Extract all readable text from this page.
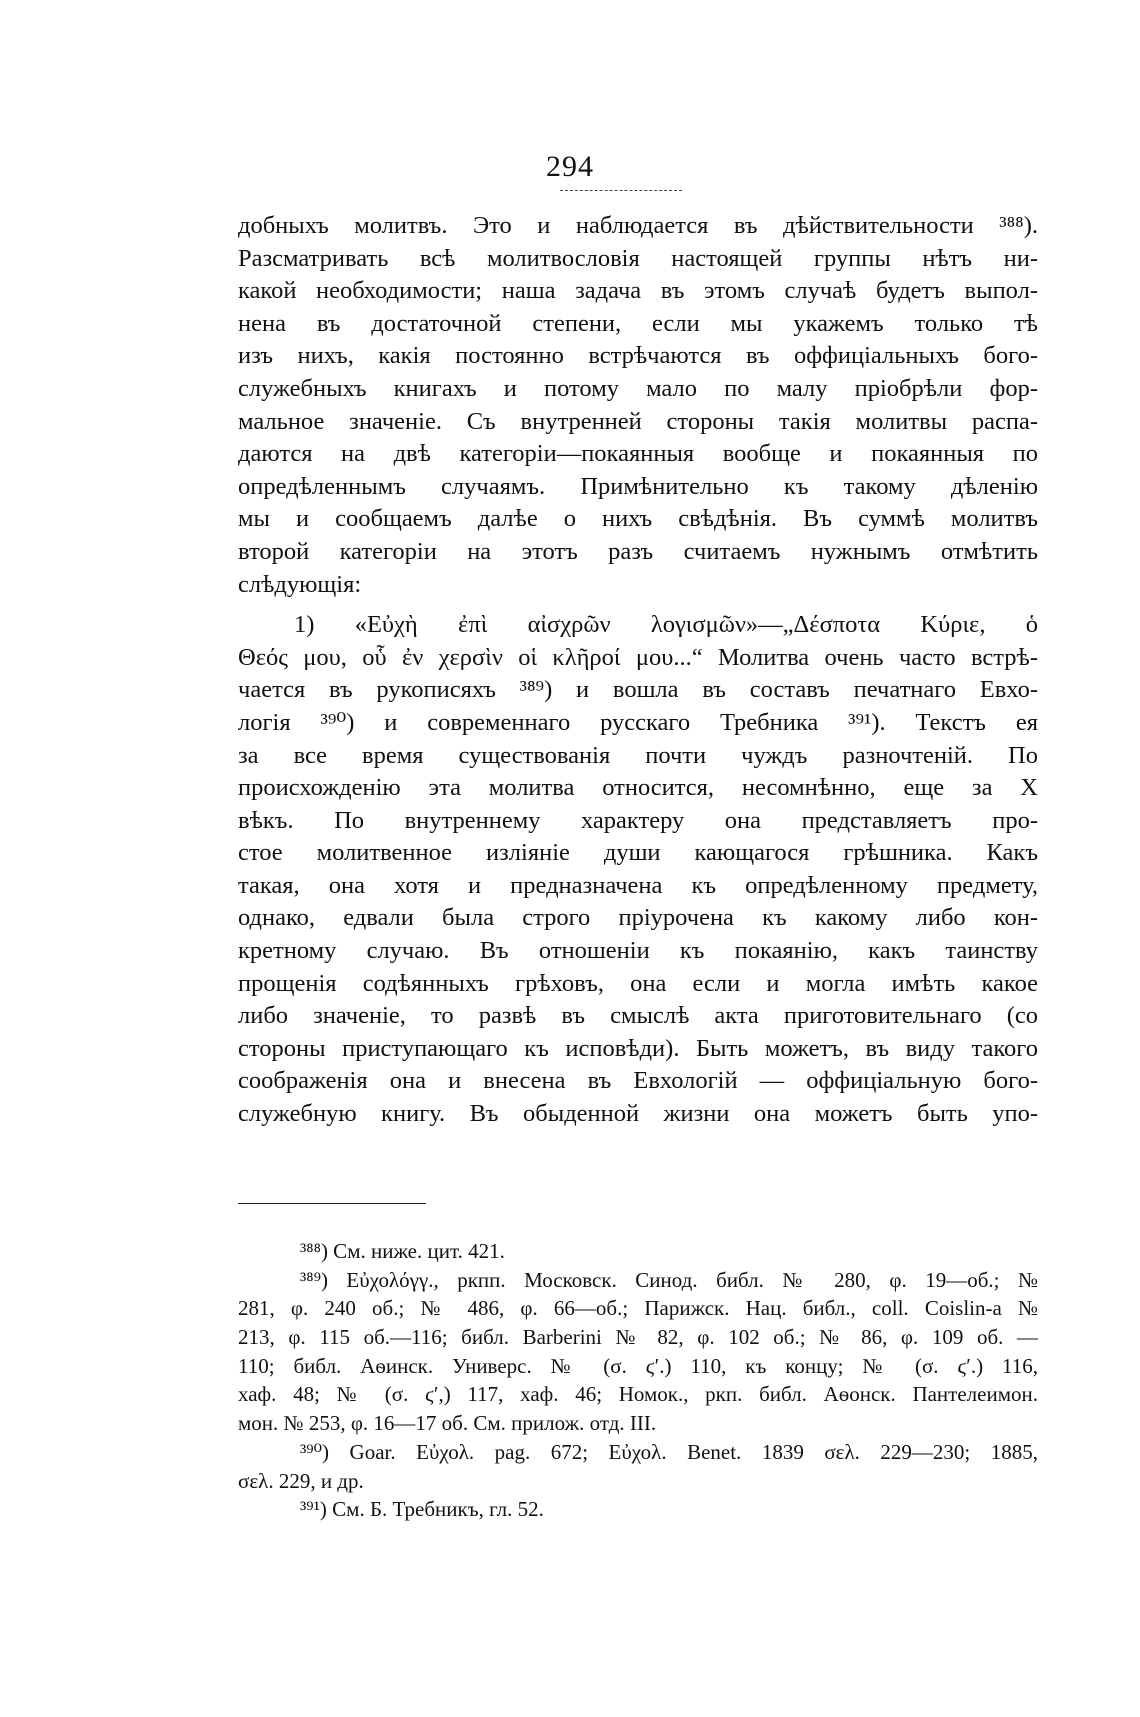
294
добныхъ молитвъ. Это и наблюдается въ дѣйствительности ³⁸⁸).
Разсматривать всѣ молитвословія настоящей группы нѣтъ ни-
какой необходимости; наша задача въ этомъ случаѣ будетъ выпол-
нена въ достаточной степени, если мы укажемъ только тѣ
изъ нихъ, какія постоянно встрѣчаются въ оффиціальныхъ бого-
служебныхъ книгахъ и потому мало по малу пріобрѣли фор-
мальное значеніе. Съ внутренней стороны такія молитвы распа-
даются на двѣ категоріи—покаянныя вообще и покаянныя по
опредѣленнымъ случаямъ. Примѣнительно къ такому дѣленію
мы и сообщаемъ далѣе о нихъ свѣдѣнія. Въ суммѣ молитвъ
второй категоріи на этотъ разъ считаемъ нужнымъ отмѣтить
слѣдующія:
1) «Εὐχὴ ἐπὶ αἰσχρῶν λογισμῶν»—„Δέσποτα Κύριε, ὁ
Θεός μου, οὗ ἐν χερσὶν οἱ κλῆροί μου...“ Молитва очень часто встрѣ-
чается въ рукописяхъ ³⁸⁹) и вошла въ составъ печатнаго Евхо-
логія ³⁹⁰) и современнаго русскаго Требника ³⁹¹). Текстъ ея
за все время существованія почти чуждъ разночтеній. По
происхожденію эта молитва относится, несомнѣнно, еще за X
вѣкъ. По внутреннему характеру она представляетъ про-
стое молитвенное изліяніе души кающагося грѣшника. Какъ
такая, она хотя и предназначена къ опредѣленному предмету,
однако, едвали была строго пріурочена къ какому либо кон-
кретному случаю. Въ отношеніи къ покаянію, какъ таинству
прощенія содѣянныхъ грѣховъ, она если и могла имѣть какое
либо значеніе, то развѣ въ смыслѣ акта приготовительнаго (со
стороны приступающаго къ исповѣди). Быть можетъ, въ виду такого
соображенія она и внесена въ Евхологій — оффиціальную бого-
служебную книгу. Въ обыденной жизни она можетъ быть упо-
³⁸⁸) См. ниже. цит. 421.
³⁸⁹) Εὐχολόγγ., ркпп. Московск. Синод. библ. № 280, φ. 19—об.; №
281, φ. 240 об.; № 486, φ. 66—об.; Парижск. Нац. библ., coll. Coislin-a №
213, φ. 115 об.—116; библ. Barberini № 82, φ. 102 об.; № 86, φ. 109 об. —
110; библ. Аѳинск. Универс. № (σ. ϛ′.) 110, къ концу; № (σ. ϛ′.) 116,
хаф. 48; № (σ. ϛ′,) 117, хаф. 46; Номок., ркп. библ. Аѳонск. Пантелеимон.
мон. № 253, φ. 16—17 об. См. прилож. отд. III.
³⁹⁰) Goar. Εὐχολ. pag. 672; Εὐχολ. Benet. 1839 σελ. 229—230; 1885,
σελ. 229, и др.
³⁹¹) См. Б. Требникъ, гл. 52.
